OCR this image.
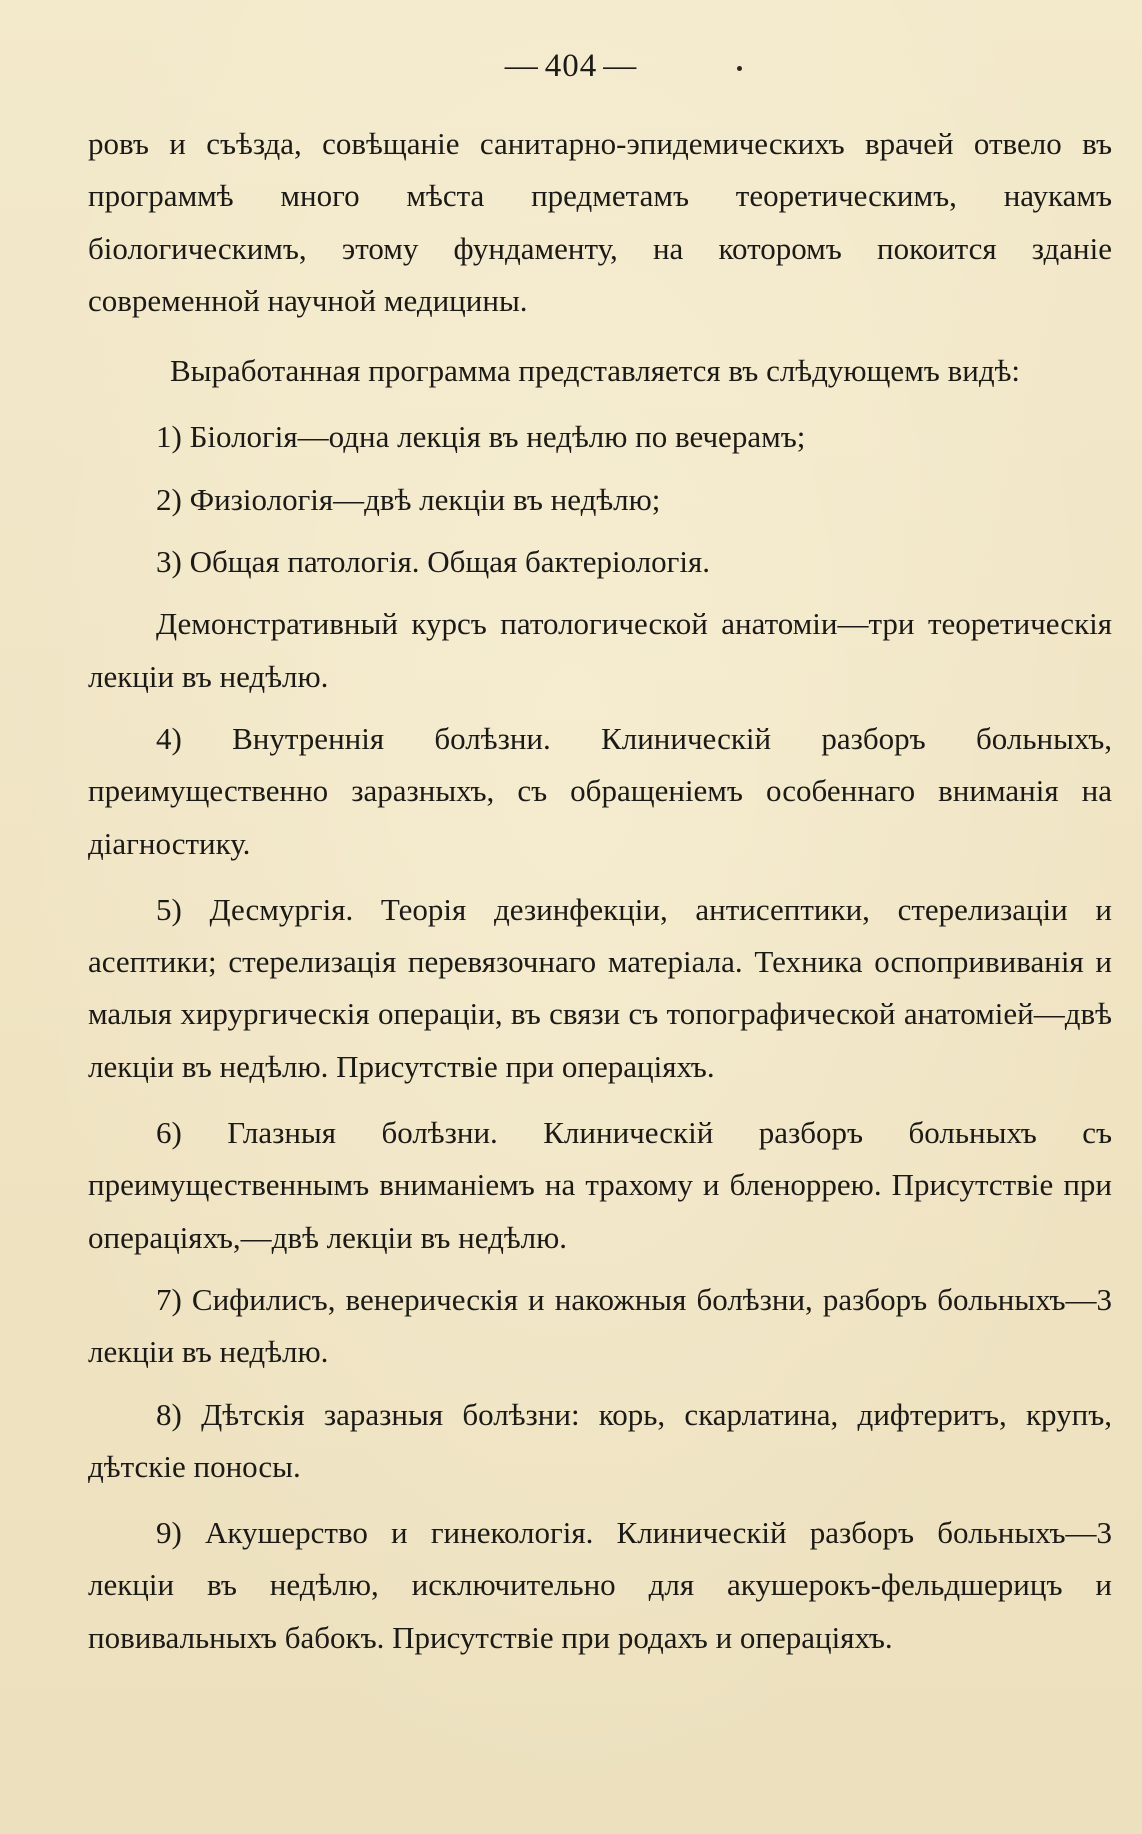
— 404 —

ровъ и съѣзда, совѣщаніе санитарно-эпидемическихъ врачей отвело въ программѣ много мѣста предметамъ теоретическимъ, наукамъ біологическимъ, этому фундаменту, на которомъ покоится зданіе современной научной медицины.

Выработанная программа представляется въ слѣдующемъ видѣ:

1) Біологія—одна лекція въ недѣлю по вечерамъ;

2) Физіологія—двѣ лекціи въ недѣлю;

3) Общая патологія. Общая бактеріологія.

Демонстративный курсъ патологической анатоміи—три теоретическія лекціи въ недѣлю.

4) Внутреннія болѣзни. Клиническій разборъ больныхъ, преимущественно заразныхъ, съ обращеніемъ особеннаго вниманія на діагностику.

5) Десмургія. Теорія дезинфекціи, антисептики, стерелизаціи и асептики; стерелизація перевязочнаго матеріала. Техника оспопрививанія и малыя хирургическія операціи, въ связи съ топографической анатоміей—двѣ лекціи въ недѣлю. Присутствіе при операціяхъ.

6) Глазныя болѣзни. Клиническій разборъ больныхъ съ преимущественнымъ вниманіемъ на трахому и бленоррею. Присутствіе при операціяхъ,—двѣ лекціи въ недѣлю.

7) Сифилисъ, венерическія и накожныя болѣзни, разборъ больныхъ—3 лекціи въ недѣлю.

8) Дѣтскія заразныя болѣзни: корь, скарлатина, дифтеритъ, крупъ, дѣтскіе поносы.

9) Акушерство и гинекологія. Клиническій разборъ больныхъ—3 лекціи въ недѣлю, исключительно для акушерокъ-фельдшерицъ и повивальныхъ бабокъ. Присутствіе при родахъ и операціяхъ.
